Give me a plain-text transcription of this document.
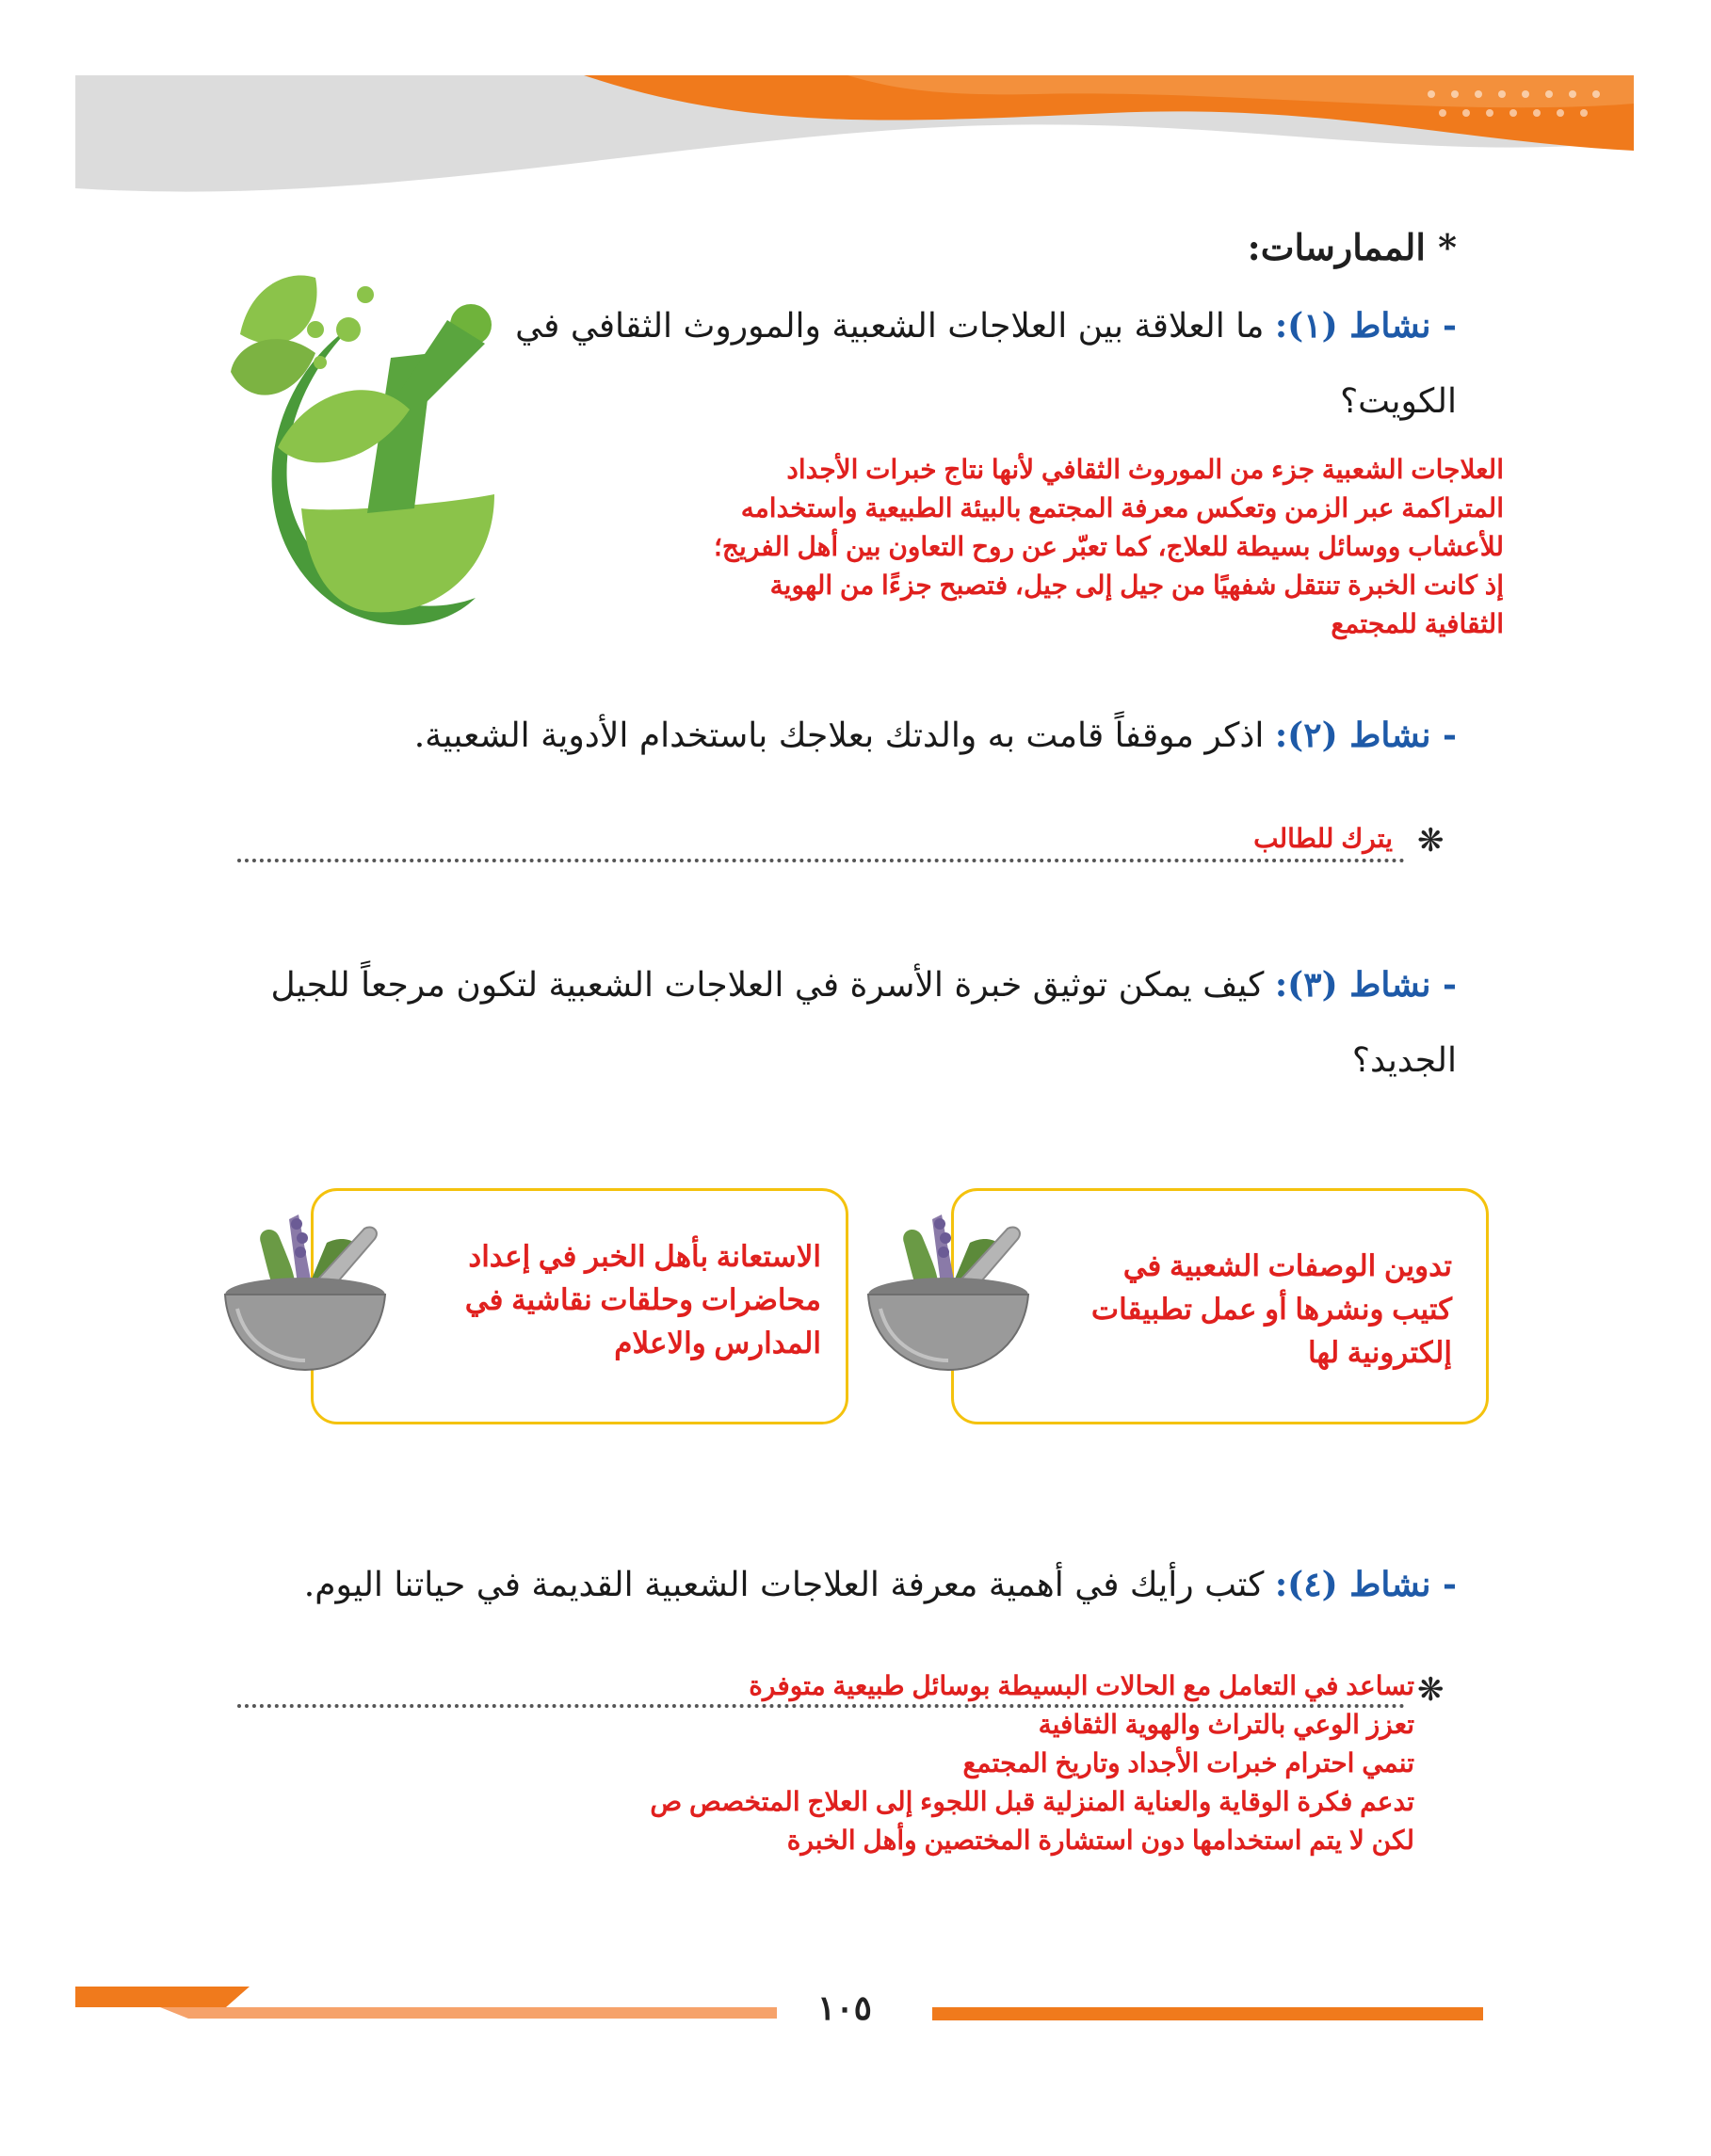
* الممارسات:
- نشاط (١): ما العلاقة بين العلاجات الشعبية والموروث الثقافي في
الكويت؟
العلاجات الشعبية جزء من الموروث الثقافي لأنها نتاج خبرات الأجداد
المتراكمة عبر الزمن وتعكس معرفة المجتمع بالبيئة الطبيعية واستخدامه
للأعشاب ووسائل بسيطة للعلاج، كما تعبّر عن روح التعاون بين أهل الفريج؛
إذ كانت الخبرة تنتقل شفهيًا من جيل إلى جيل، فتصبح جزءًا من الهوية
الثقافية للمجتمع
- نشاط (٢): اذكر موقفاً قامت به والدتك بعلاجك باستخدام الأدوية الشعبية.
❋
يترك للطالب
- نشاط (٣): كيف يمكن توثيق خبرة الأسرة في العلاجات الشعبية لتكون مرجعاً للجيل
الجديد؟
تدوين الوصفات الشعبية في
كتيب ونشرها أو عمل تطبيقات
إلكترونية لها
الاستعانة بأهل الخبر في إعداد
محاضرات وحلقات نقاشية في
المدارس والاعلام
- نشاط (٤): كتب رأيك في أهمية معرفة العلاجات الشعبية القديمة في حياتنا اليوم.
❋
تساعد في التعامل مع الحالات البسيطة بوسائل طبيعية متوفرة
تعزز الوعي بالتراث والهوية الثقافية
تنمي احترام خبرات الأجداد وتاريخ المجتمع
تدعم فكرة الوقاية والعناية المنزلية قبل اللجوء إلى العلاج المتخصص ص
لكن لا يتم استخدامها دون استشارة المختصين وأهل الخبرة
١٠٥
